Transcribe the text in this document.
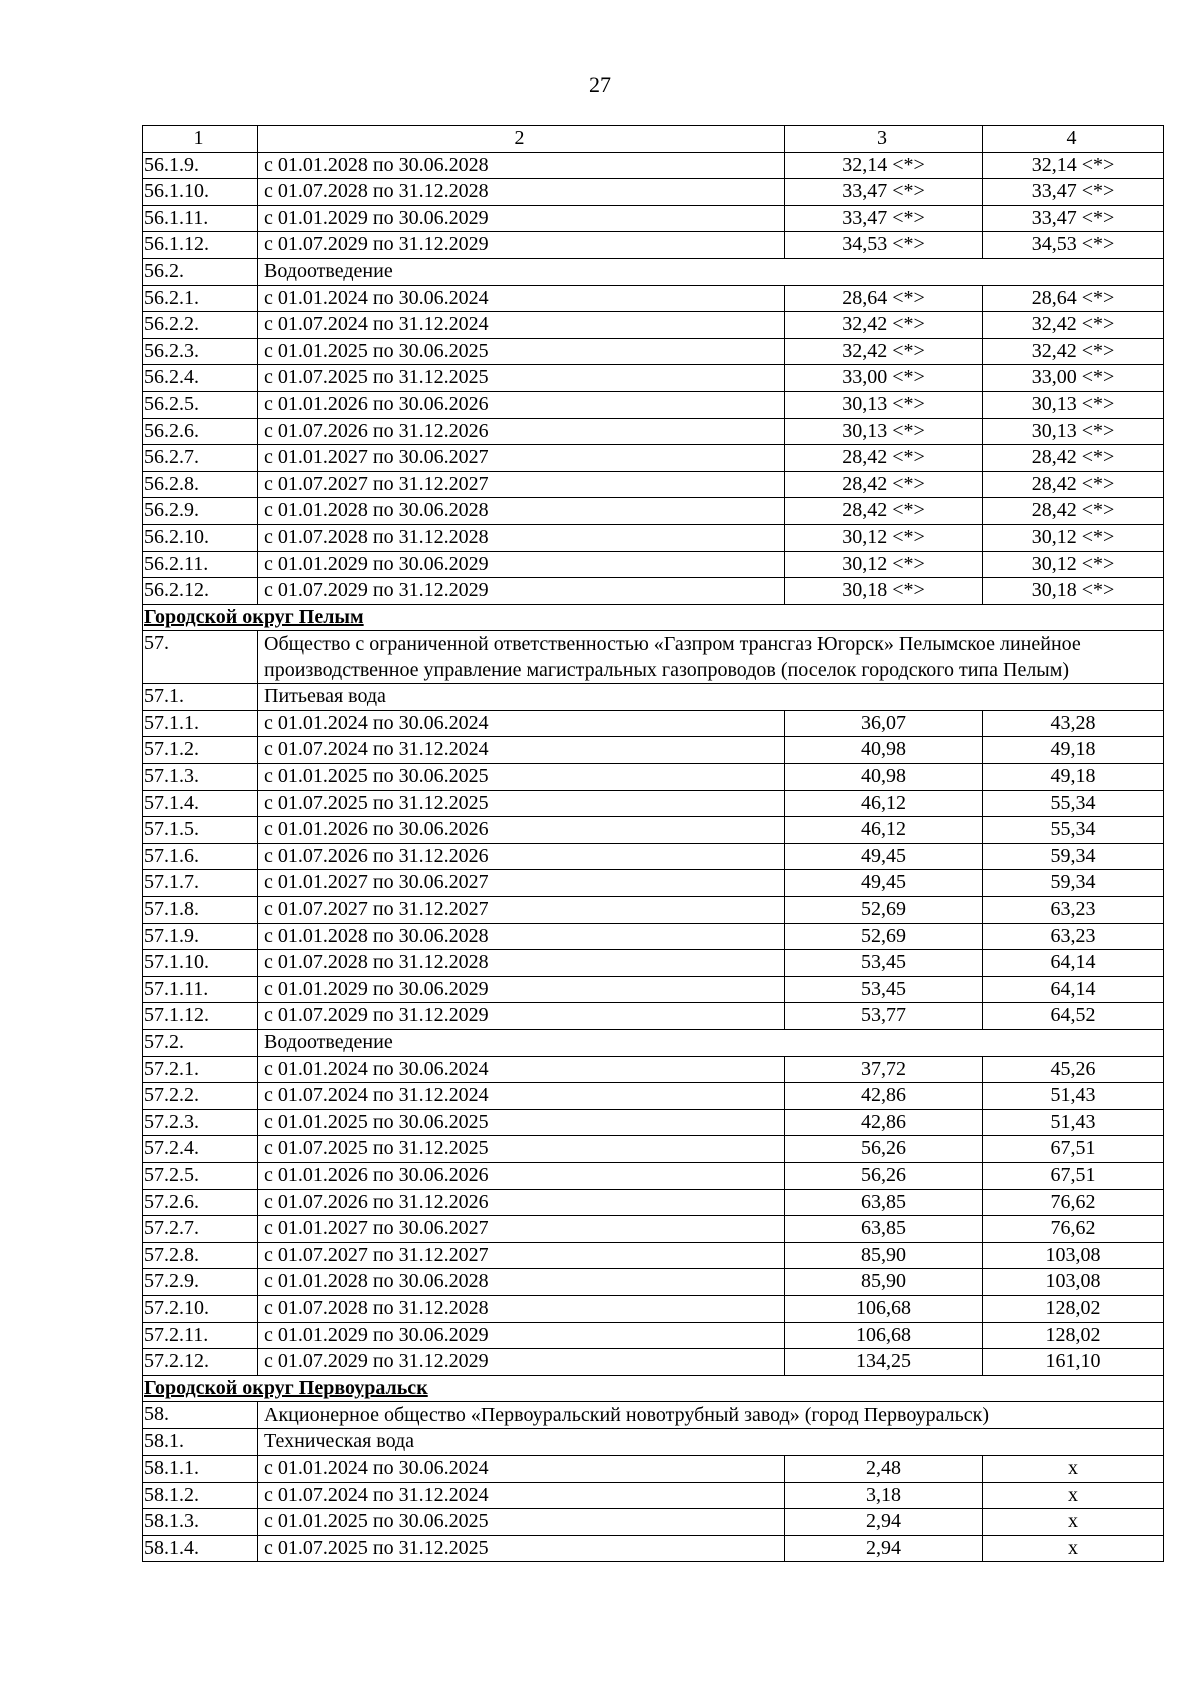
27
1	2	3	4
56.1.9.	с 01.01.2028 по 30.06.2028	32,14 <*>	32,14 <*>
56.1.10.	с 01.07.2028 по 31.12.2028	33,47 <*>	33,47 <*>
56.1.11.	с 01.01.2029 по 30.06.2029	33,47 <*>	33,47 <*>
56.1.12.	с 01.07.2029 по 31.12.2029	34,53 <*>	34,53 <*>
56.2.	Водоотведение		
56.2.1.	с 01.01.2024 по 30.06.2024	28,64 <*>	28,64 <*>
56.2.2.	с 01.07.2024 по 31.12.2024	32,42 <*>	32,42 <*>
56.2.3.	с 01.01.2025 по 30.06.2025	32,42 <*>	32,42 <*>
56.2.4.	с 01.07.2025 по 31.12.2025	33,00 <*>	33,00 <*>
56.2.5.	с 01.01.2026 по 30.06.2026	30,13 <*>	30,13 <*>
56.2.6.	с 01.07.2026 по 31.12.2026	30,13 <*>	30,13 <*>
56.2.7.	с 01.01.2027 по 30.06.2027	28,42 <*>	28,42 <*>
56.2.8.	с 01.07.2027 по 31.12.2027	28,42 <*>	28,42 <*>
56.2.9.	с 01.01.2028 по 30.06.2028	28,42 <*>	28,42 <*>
56.2.10.	с 01.07.2028 по 31.12.2028	30,12 <*>	30,12 <*>
56.2.11.	с 01.01.2029 по 30.06.2029	30,12 <*>	30,12 <*>
56.2.12.	с 01.07.2029 по 31.12.2029	30,18 <*>	30,18 <*>
Городской округ Пелым			
57.	Общество с ограниченной ответственностью «Газпром трансгаз Югорск» Пелымское линейное производственное управление магистральных газопроводов (поселок городского типа Пелым)		
57.1.	Питьевая вода		
57.1.1.	с 01.01.2024 по 30.06.2024	36,07	43,28
57.1.2.	с 01.07.2024 по 31.12.2024	40,98	49,18
57.1.3.	с 01.01.2025 по 30.06.2025	40,98	49,18
57.1.4.	с 01.07.2025 по 31.12.2025	46,12	55,34
57.1.5.	с 01.01.2026 по 30.06.2026	46,12	55,34
57.1.6.	с 01.07.2026 по 31.12.2026	49,45	59,34
57.1.7.	с 01.01.2027 по 30.06.2027	49,45	59,34
57.1.8.	с 01.07.2027 по 31.12.2027	52,69	63,23
57.1.9.	с 01.01.2028 по 30.06.2028	52,69	63,23
57.1.10.	с 01.07.2028 по 31.12.2028	53,45	64,14
57.1.11.	с 01.01.2029 по 30.06.2029	53,45	64,14
57.1.12.	с 01.07.2029 по 31.12.2029	53,77	64,52
57.2.	Водоотведение		
57.2.1.	с 01.01.2024 по 30.06.2024	37,72	45,26
57.2.2.	с 01.07.2024 по 31.12.2024	42,86	51,43
57.2.3.	с 01.01.2025 по 30.06.2025	42,86	51,43
57.2.4.	с 01.07.2025 по 31.12.2025	56,26	67,51
57.2.5.	с 01.01.2026 по 30.06.2026	56,26	67,51
57.2.6.	с 01.07.2026 по 31.12.2026	63,85	76,62
57.2.7.	с 01.01.2027 по 30.06.2027	63,85	76,62
57.2.8.	с 01.07.2027 по 31.12.2027	85,90	103,08
57.2.9.	с 01.01.2028 по 30.06.2028	85,90	103,08
57.2.10.	с 01.07.2028 по 31.12.2028	106,68	128,02
57.2.11.	с 01.01.2029 по 30.06.2029	106,68	128,02
57.2.12.	с 01.07.2029 по 31.12.2029	134,25	161,10
Городской округ Первоуральск			
58.	Акционерное общество «Первоуральский новотрубный завод» (город Первоуральск)		
58.1.	Техническая вода		
58.1.1.	с 01.01.2024 по 30.06.2024	2,48	x
58.1.2.	с 01.07.2024 по 31.12.2024	3,18	x
58.1.3.	с 01.01.2025 по 30.06.2025	2,94	x
58.1.4.	с 01.07.2025 по 31.12.2025	2,94	x
